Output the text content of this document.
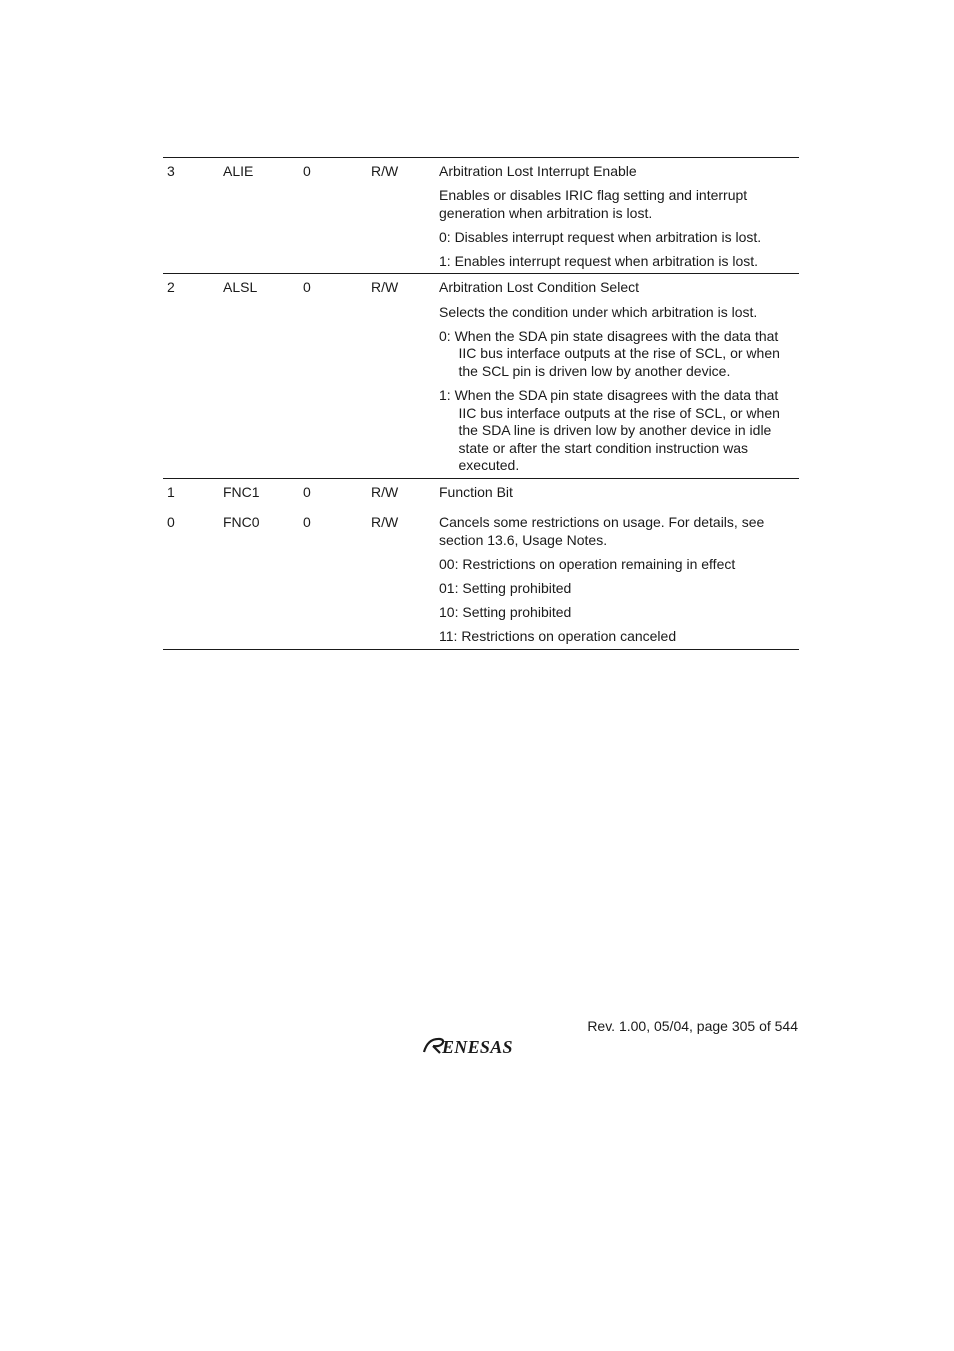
3	ALIE	0	R/W	Arbitration Lost Interrupt Enable
Enables or disables IRIC flag setting and interrupt generation when arbitration is lost.
0: Disables interrupt request when arbitration is lost.
1: Enables interrupt request when arbitration is lost.
2	ALSL	0	R/W	Arbitration Lost Condition Select
Selects the condition under which arbitration is lost.
0: When the SDA pin state disagrees with the data that IIC bus interface outputs at the rise of SCL, or when the SCL pin is driven low by another device.
1: When the SDA pin state disagrees with the data that IIC bus interface outputs at the rise of SCL, or when the SDA line is driven low by another device in idle state or after the start condition instruction was executed.
1	FNC1	0	R/W	Function Bit
0	FNC0	0	R/W	Cancels some restrictions on usage. For details, see section 13.6, Usage Notes.
00: Restrictions on operation remaining in effect
01: Setting prohibited
10: Setting prohibited
11: Restrictions on operation canceled
Rev. 1.00, 05/04, page 305 of 544
ENESAS
